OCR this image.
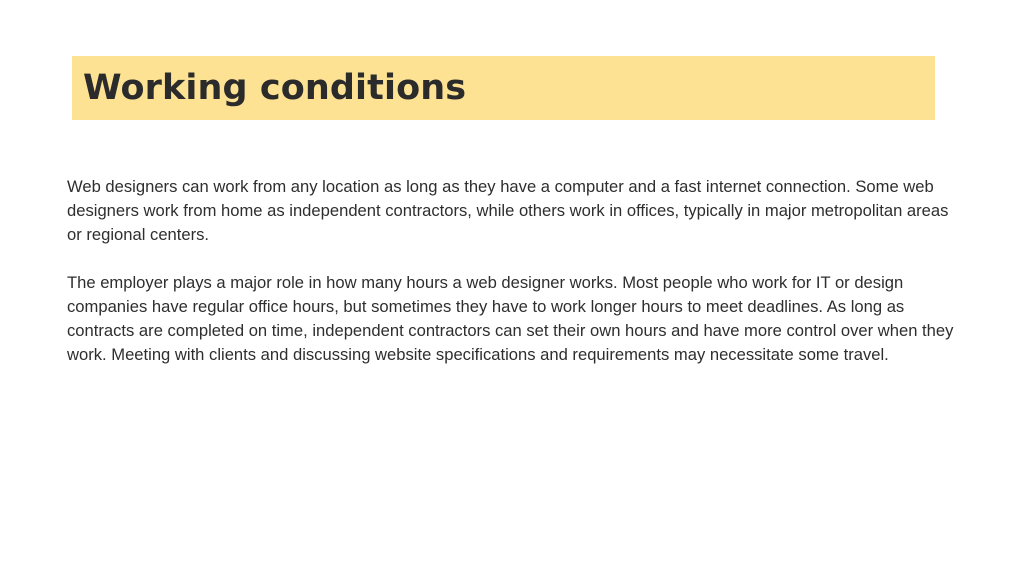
Working conditions

Web designers can work from any location as long as they have a computer and a fast internet connection. Some web designers work from home as independent contractors, while others work in offices, typically in major metropolitan areas or regional centers.

The employer plays a major role in how many hours a web designer works. Most people who work for IT or design companies have regular office hours, but sometimes they have to work longer hours to meet deadlines. As long as contracts are completed on time, independent contractors can set their own hours and have more control over when they work. Meeting with clients and discussing website specifications and requirements may necessitate some travel.
